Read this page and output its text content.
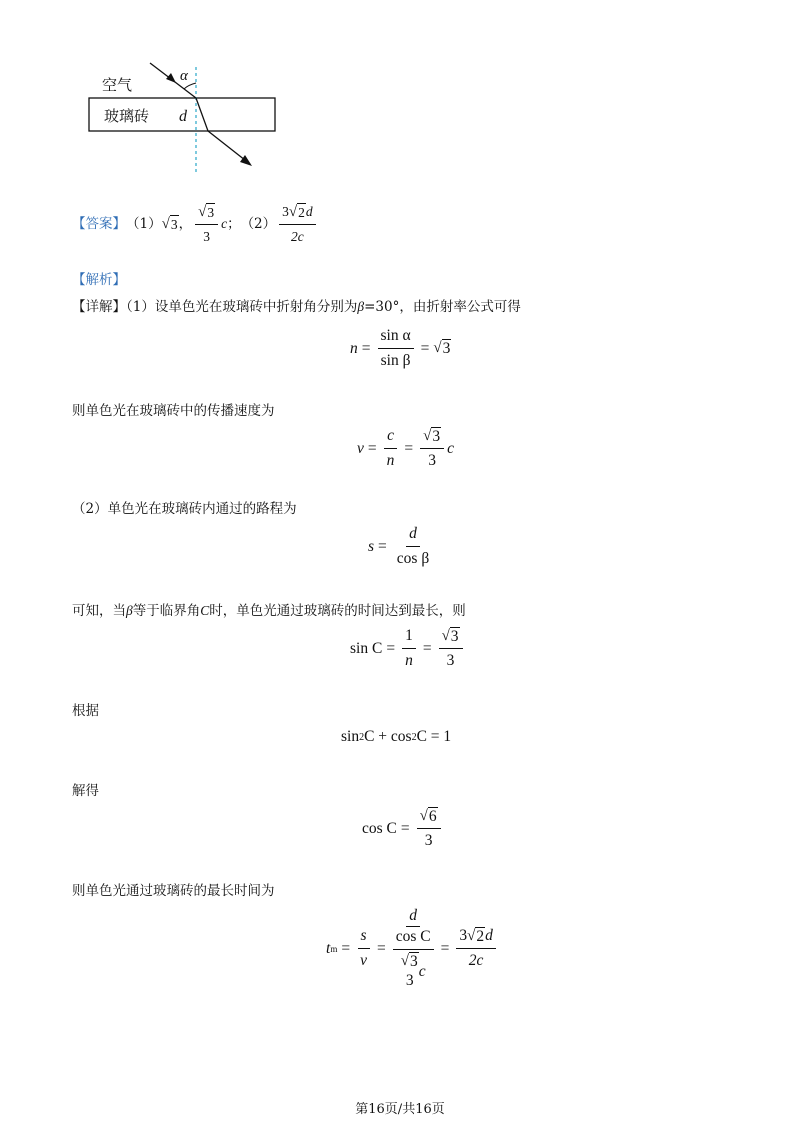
空气
玻璃砖
α
d
【答案】 （1） √ 3 ， $\frac{√ 3}{3}$ c ； $(2) \frac{3 √ 2 d}{2c}$
【解析】
【详解】（1）设单色光在玻璃砖中折射角分别为β=30°，由折射率公式可得
$n = \frac{\text{sin α}}{\text{sin β}}$ = √ 3
则单色光在玻璃砖中的传播速度为
$v = \frac{c}{n} = \frac{√ 3}{3}$ c
（2）单色光在玻璃砖内通过的路程为
$s = \frac{d}{\text{cos β}}$
可知，当β等于临界角C时，单色光通过玻璃砖的时间达到最长，则
$\sin C = \frac{1}{n} = \frac{√ 3}{3}$
根据
sin 2 C + cos 2 C = 1
解得
$\cos C = \frac{√ 6}{3}$
则单色光通过玻璃砖的最长时间为
t $m = \frac{s}{v} = d$
cos C
√ 3
3
$c = \frac{3 √ 2 d}{2c}$
第16页/共16页
